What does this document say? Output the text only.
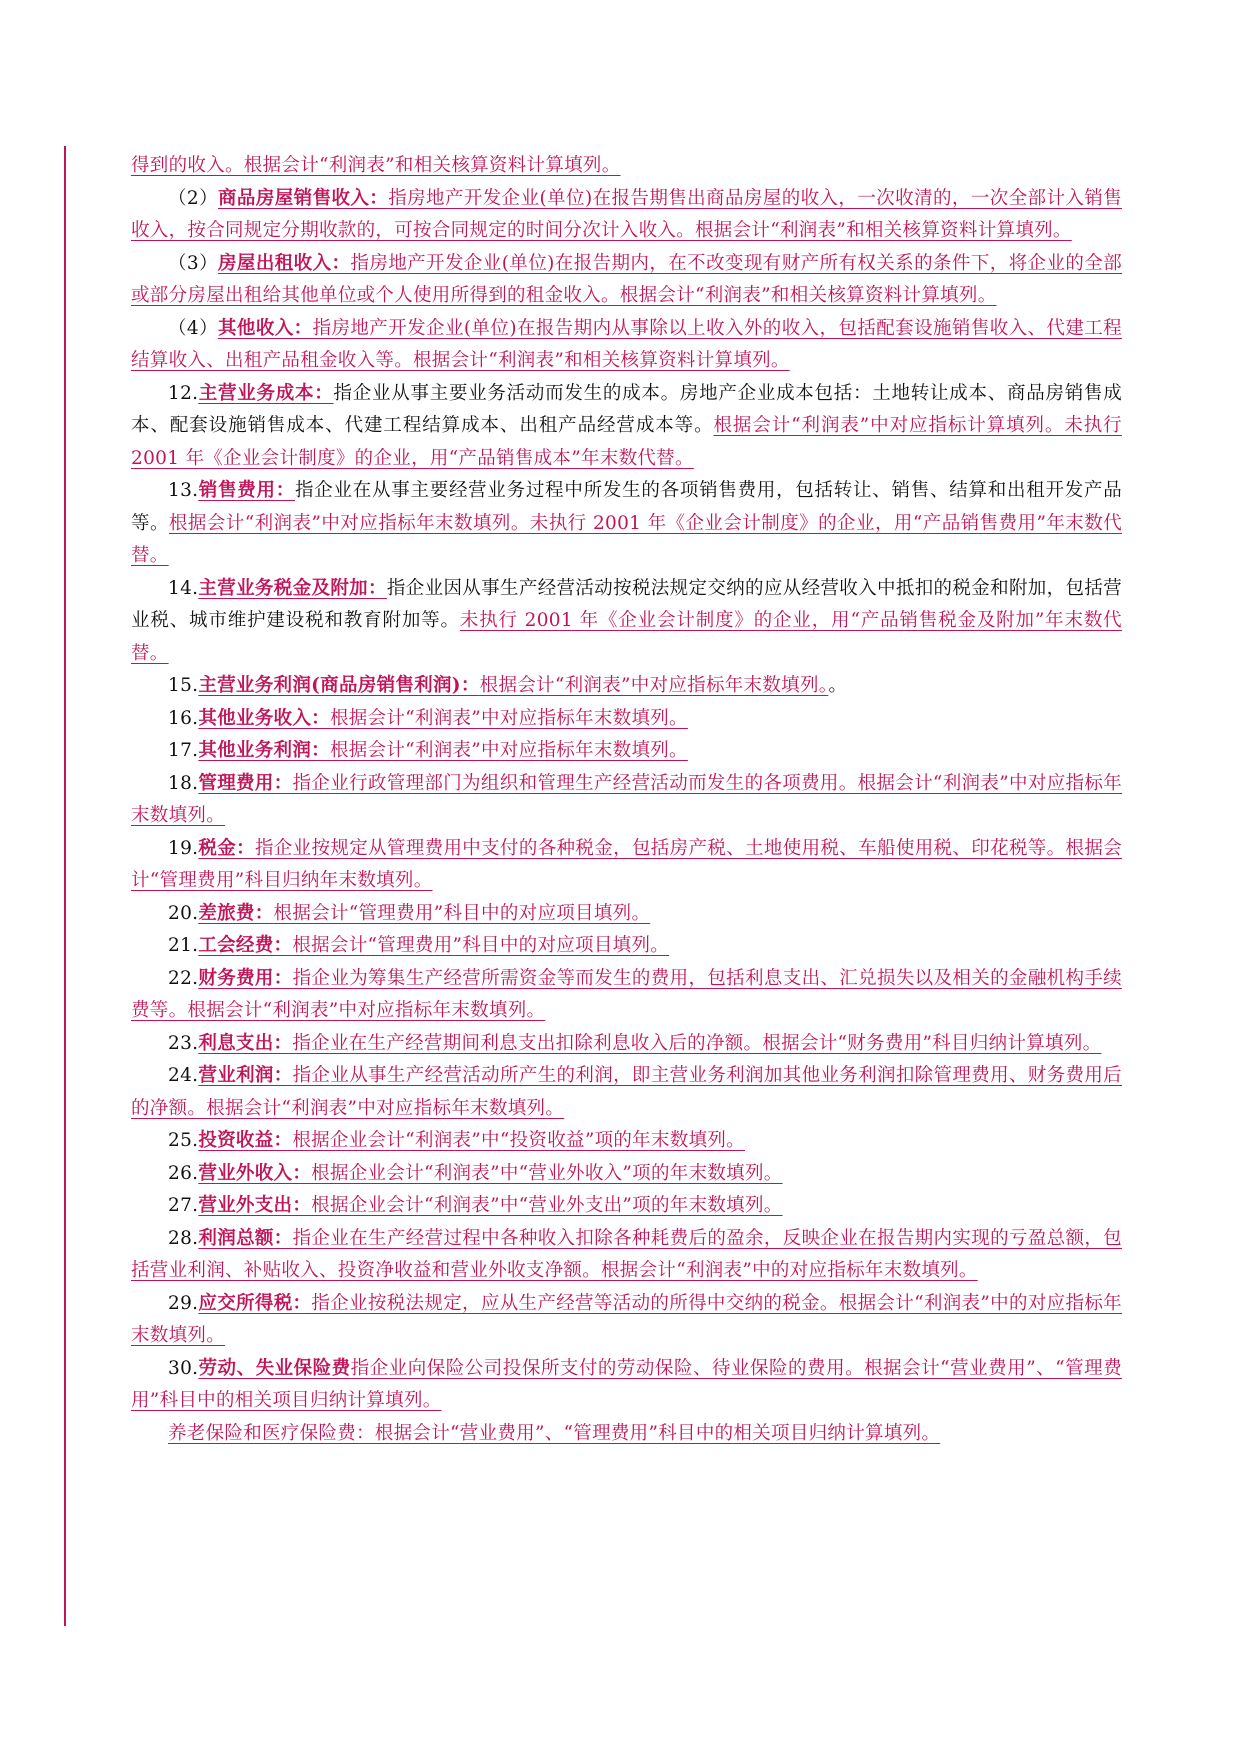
得到的收入。根据会计“利润表”和相关核算资料计算填列。

（2）商品房屋销售收入：指房地产开发企业(单位)在报告期售出商品房屋的收入，一次收清的，一次全部计入销售收入，按合同规定分期收款的，可按合同规定的时间分次计入收入。根据会计“利润表”和相关核算资料计算填列。

（3）房屋出租收入：指房地产开发企业(单位)在报告期内，在不改变现有财产所有权关系的条件下，将企业的全部或部分房屋出租给其他单位或个人使用所得到的租金收入。根据会计“利润表”和相关核算资料计算填列。

（4）其他收入：指房地产开发企业(单位)在报告期内从事除以上收入外的收入，包括配套设施销售收入、代建工程结算收入、出租产品租金收入等。根据会计“利润表”和相关核算资料计算填列。

12.主营业务成本：指企业从事主要业务活动而发生的成本。房地产企业成本包括：土地转让成本、商品房销售成本、配套设施销售成本、代建工程结算成本、出租产品经营成本等。根据会计“利润表”中对应指标计算填列。未执行 2001 年《企业会计制度》的企业，用“产品销售成本”年末数代替。

13.销售费用：指企业在从事主要经营业务过程中所发生的各项销售费用，包括转让、销售、结算和出租开发产品等。根据会计“利润表”中对应指标年末数填列。未执行 2001 年《企业会计制度》的企业，用“产品销售费用”年末数代替。

14.主营业务税金及附加：指企业因从事生产经营活动按税法规定交纳的应从经营收入中抵扣的税金和附加，包括营业税、城市维护建设税和教育附加等。未执行 2001 年《企业会计制度》的企业，用“产品销售税金及附加”年末数代替。

15.主营业务利润(商品房销售利润)：根据会计“利润表”中对应指标年末数填列。。

16.其他业务收入：根据会计“利润表”中对应指标年末数填列。

17.其他业务利润：根据会计“利润表”中对应指标年末数填列。

18.管理费用：指企业行政管理部门为组织和管理生产经营活动而发生的各项费用。根据会计“利润表”中对应指标年末数填列。

19.税金：指企业按规定从管理费用中支付的各种税金，包括房产税、土地使用税、车船使用税、印花税等。根据会计“管理费用”科目归纳年末数填列。

20.差旅费：根据会计“管理费用”科目中的对应项目填列。

21.工会经费：根据会计“管理费用”科目中的对应项目填列。

22.财务费用：指企业为筹集生产经营所需资金等而发生的费用，包括利息支出、汇兑损失以及相关的金融机构手续费等。根据会计“利润表”中对应指标年末数填列。

23.利息支出：指企业在生产经营期间利息支出扣除利息收入后的净额。根据会计“财务费用”科目归纳计算填列。

24.营业利润：指企业从事生产经营活动所产生的利润，即主营业务利润加其他业务利润扣除管理费用、财务费用后的净额。根据会计“利润表”中对应指标年末数填列。

25.投资收益：根据企业会计“利润表”中“投资收益”项的年末数填列。

26.营业外收入：根据企业会计“利润表”中“营业外收入”项的年末数填列。

27.营业外支出：根据企业会计“利润表”中“营业外支出”项的年末数填列。

28.利润总额：指企业在生产经营过程中各种收入扣除各种耗费后的盈余，反映企业在报告期内实现的亏盈总额，包括营业利润、补贴收入、投资净收益和营业外收支净额。根据会计“利润表”中的对应指标年末数填列。

29.应交所得税：指企业按税法规定，应从生产经营等活动的所得中交纳的税金。根据会计“利润表”中的对应指标年末数填列。

30.劳动、失业保险费指企业向保险公司投保所支付的劳动保险、待业保险的费用。根据会计“营业费用”、“管理费用”科目中的相关项目归纳计算填列。

养老保险和医疗保险费：根据会计“营业费用”、“管理费用”科目中的相关项目归纳计算填列。
